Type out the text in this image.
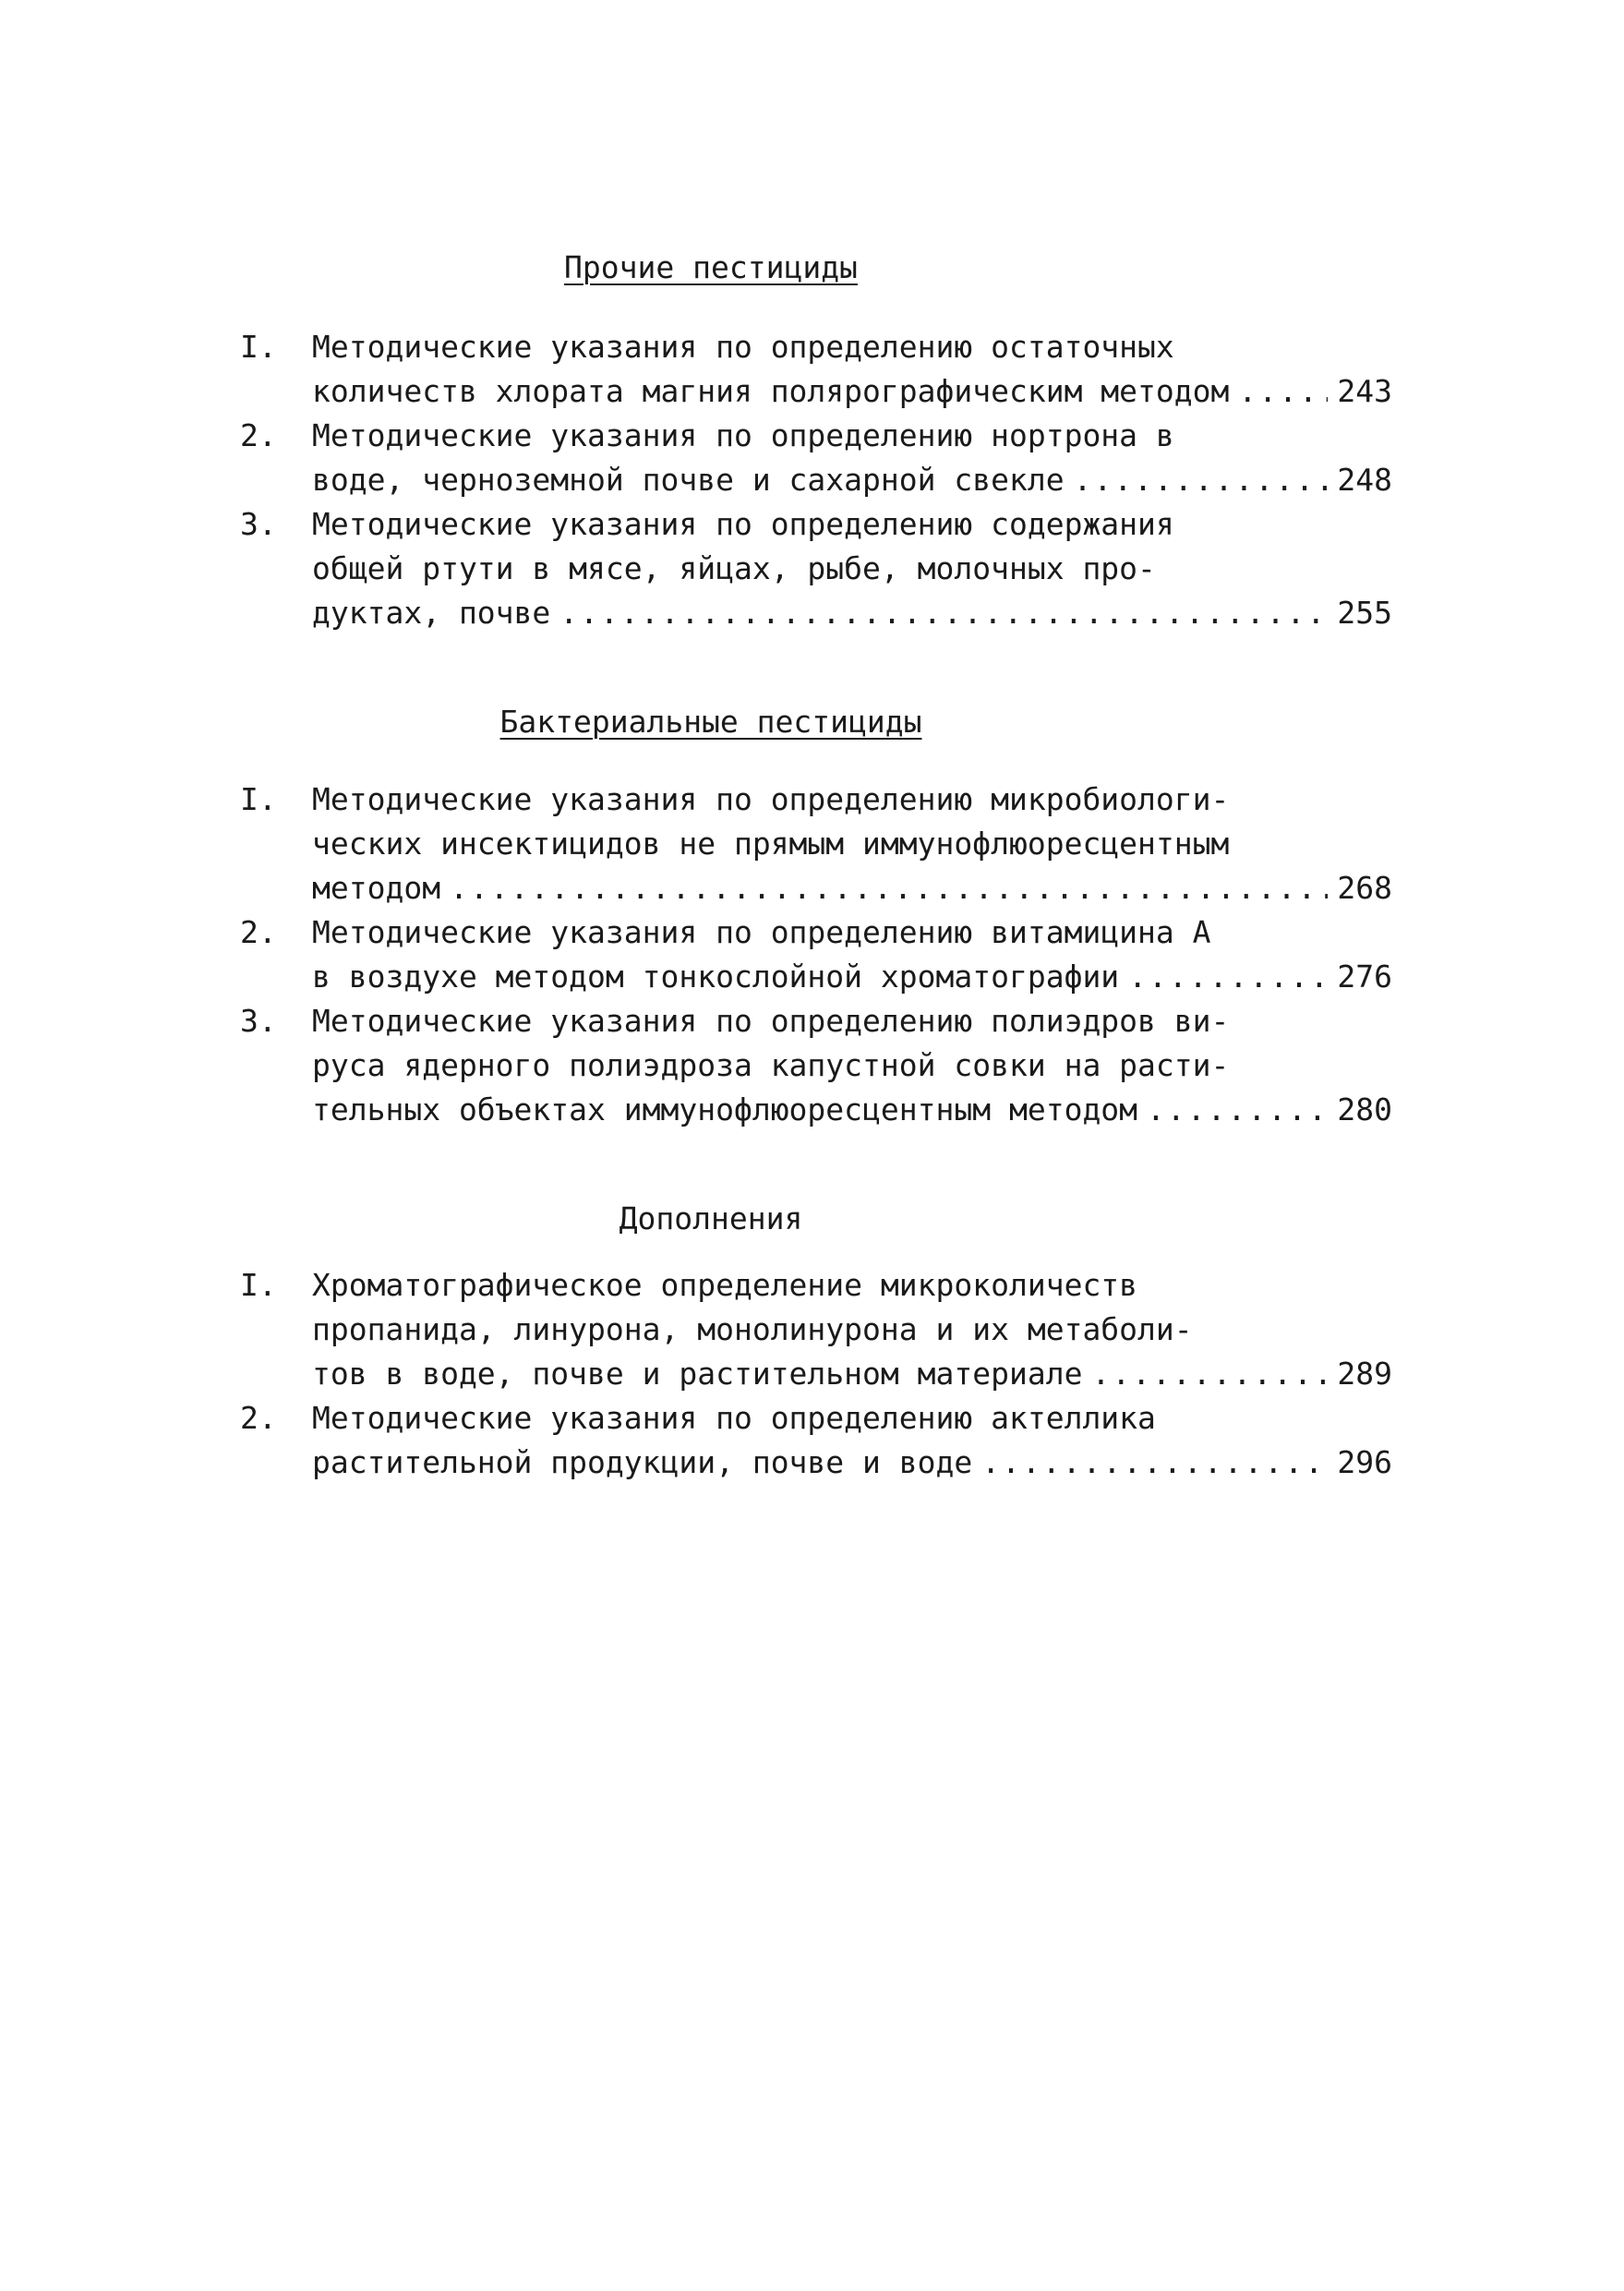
Прочие пестициды
I. Методические указания по определению остаточных
количеств хлората магния полярографическим методом .....	243
2. Методические указания по определению нортрона в
воде, черноземной почве и сахарной свекле .....	248
3. Методические указания по определению содержания
общей ртути в мясе, яйцах, рыбе, молочных про-
дуктах, почве .....	255
Бактериальные пестициды
I. Методические указания по определению микробиологи-
ческих инсектицидов не прямым иммунофлюоресцентным
методом .....	268
2. Методические указания по определению витамицина А
в воздухе методом тонкослойной хроматографии .....	276
3. Методические указания по определению полиэдров ви-
руса ядерного полиэдроза капустной совки на расти-
тельных объектах иммунофлюоресцентным методом .....	280
Дополнения
I. Хроматографическое определение микроколичеств
пропанида, линурона, монолинурона и их метаболи-
тов в воде, почве и растительном материале .....	289
2. Методические указания по определению актеллика
растительной продукции, почве и воде .....	296
